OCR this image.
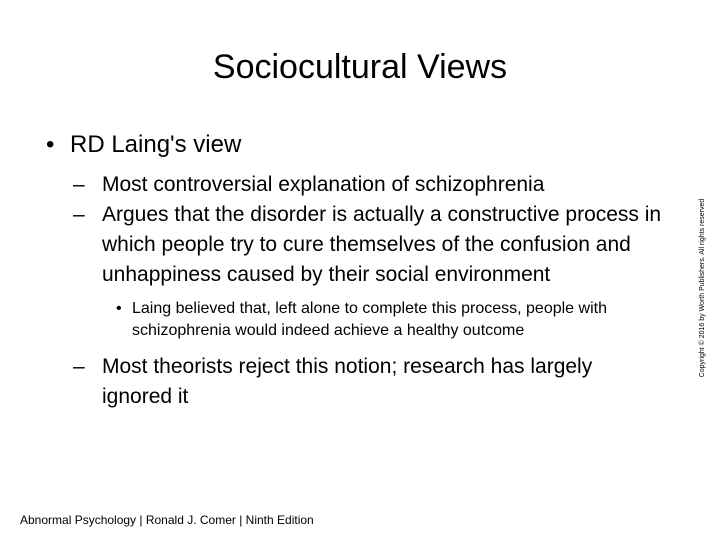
Sociocultural Views
• RD Laing's view
– Most controversial explanation of schizophrenia
– Argues that the disorder is actually a constructive process in which people try to cure themselves of the confusion and unhappiness caused by their social environment
• Laing believed that, left alone to complete this process, people with schizophrenia would indeed achieve a healthy outcome
– Most theorists reject this notion; research has largely ignored it
Abnormal Psychology | Ronald J. Comer | Ninth Edition
Copyright © 2016 by Worth Publishers. All rights reserved
